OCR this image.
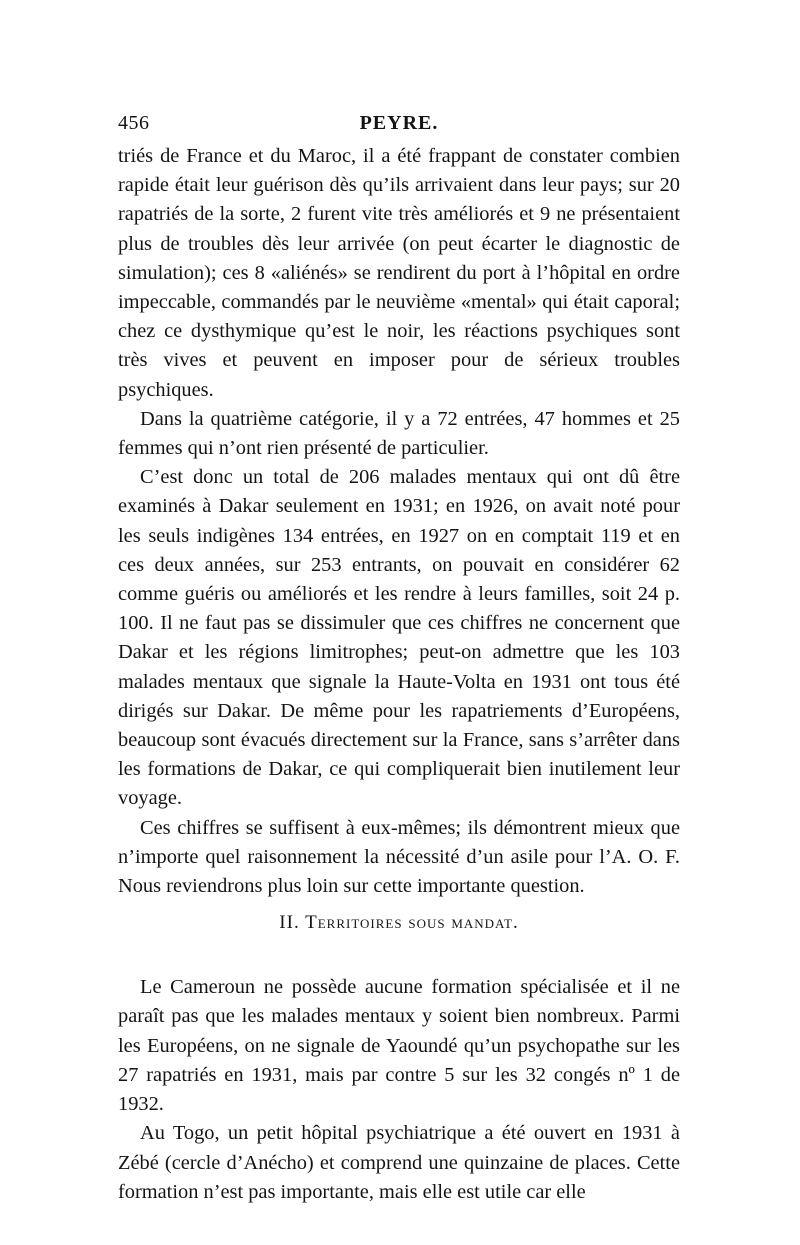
456	PEYRE.

triés de France et du Maroc, il a été frappant de constater combien rapide était leur guérison dès qu’ils arrivaient dans leur pays; sur 20 rapatriés de la sorte, 2 furent vite très améliorés et 9 ne présentaient plus de troubles dès leur arrivée (on peut écarter le diagnostic de simulation); ces 8 «aliénés» se rendirent du port à l’hôpital en ordre impeccable, commandés par le neuvième «mental» qui était caporal; chez ce dysthymique qu’est le noir, les réactions psychiques sont très vives et peuvent en imposer pour de sérieux troubles psychiques.

Dans la quatrième catégorie, il y a 72 entrées, 47 hommes et 25 femmes qui n’ont rien présenté de particulier.

C’est donc un total de 206 malades mentaux qui ont dû être examinés à Dakar seulement en 1931; en 1926, on avait noté pour les seuls indigènes 134 entrées, en 1927 on en comptait 119 et en ces deux années, sur 253 entrants, on pouvait en considérer 62 comme guéris ou améliorés et les rendre à leurs familles, soit 24 p. 100. Il ne faut pas se dissimuler que ces chiffres ne concernent que Dakar et les régions limitrophes; peut-on admettre que les 103 malades mentaux que signale la Haute-Volta en 1931 ont tous été dirigés sur Dakar. De même pour les rapatriements d’Européens, beaucoup sont évacués directement sur la France, sans s’arrêter dans les formations de Dakar, ce qui compliquerait bien inutilement leur voyage.

Ces chiffres se suffisent à eux-mêmes; ils démontrent mieux que n’importe quel raisonnement la nécessité d’un asile pour l’A. O. F. Nous reviendrons plus loin sur cette importante question.

II. Territoires sous mandat.

Le Cameroun ne possède aucune formation spécialisée et il ne paraît pas que les malades mentaux y soient bien nombreux. Parmi les Européens, on ne signale de Yaoundé qu’un psychopathe sur les 27 rapatriés en 1931, mais par contre 5 sur les 32 congés nº 1 de 1932.

Au Togo, un petit hôpital psychiatrique a été ouvert en 1931 à Zébé (cercle d’Anécho) et comprend une quinzaine de places. Cette formation n’est pas importante, mais elle est utile car elle
